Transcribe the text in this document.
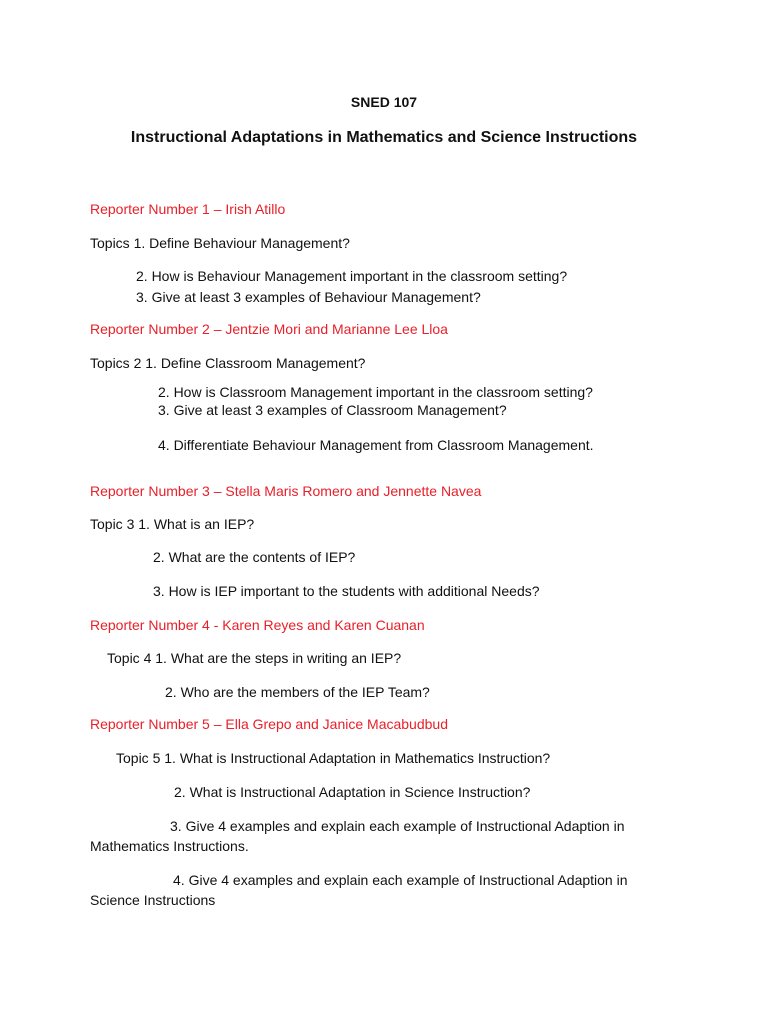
SNED 107
Instructional Adaptations in Mathematics and Science Instructions
Reporter Number 1 – Irish Atillo
Topics 1. Define Behaviour Management?
2. How is Behaviour Management important in the classroom setting?
3. Give at least 3 examples of Behaviour Management?
Reporter Number 2 – Jentzie Mori and Marianne Lee Lloa
Topics 2 1. Define Classroom Management?
2. How is Classroom Management important in the classroom setting?
3. Give at least 3 examples of Classroom Management?
4. Differentiate Behaviour Management from Classroom Management.
Reporter Number 3 – Stella Maris Romero and Jennette Navea
Topic 3 1. What is an IEP?
2. What are the contents of IEP?
3. How is IEP important to the students with additional Needs?
Reporter Number 4 - Karen Reyes and Karen Cuanan
Topic 4 1. What are the steps in writing an IEP?
2. Who are the members of the IEP Team?
Reporter Number 5 – Ella Grepo and Janice Macabudbud
Topic 5 1. What is Instructional Adaptation in Mathematics Instruction?
2. What is Instructional Adaptation in Science Instruction?
3. Give 4 examples and explain each example of Instructional Adaption in Mathematics Instructions.
4. Give 4 examples and explain each example of Instructional Adaption in Science Instructions
